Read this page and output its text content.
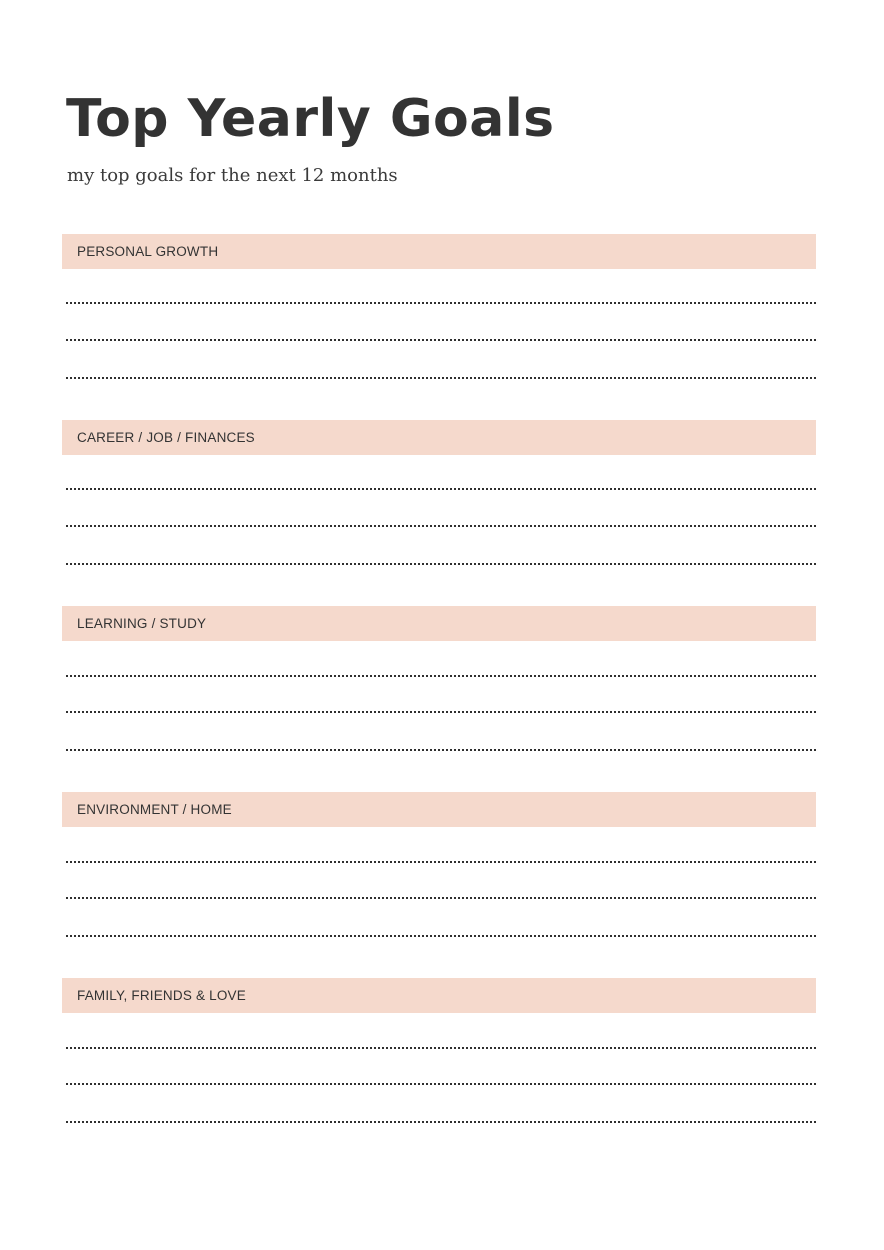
Top Yearly Goals

my top goals for the next 12 months

PERSONAL GROWTH
CAREER / JOB / FINANCES
LEARNING / STUDY
ENVIRONMENT / HOME
FAMILY, FRIENDS & LOVE
